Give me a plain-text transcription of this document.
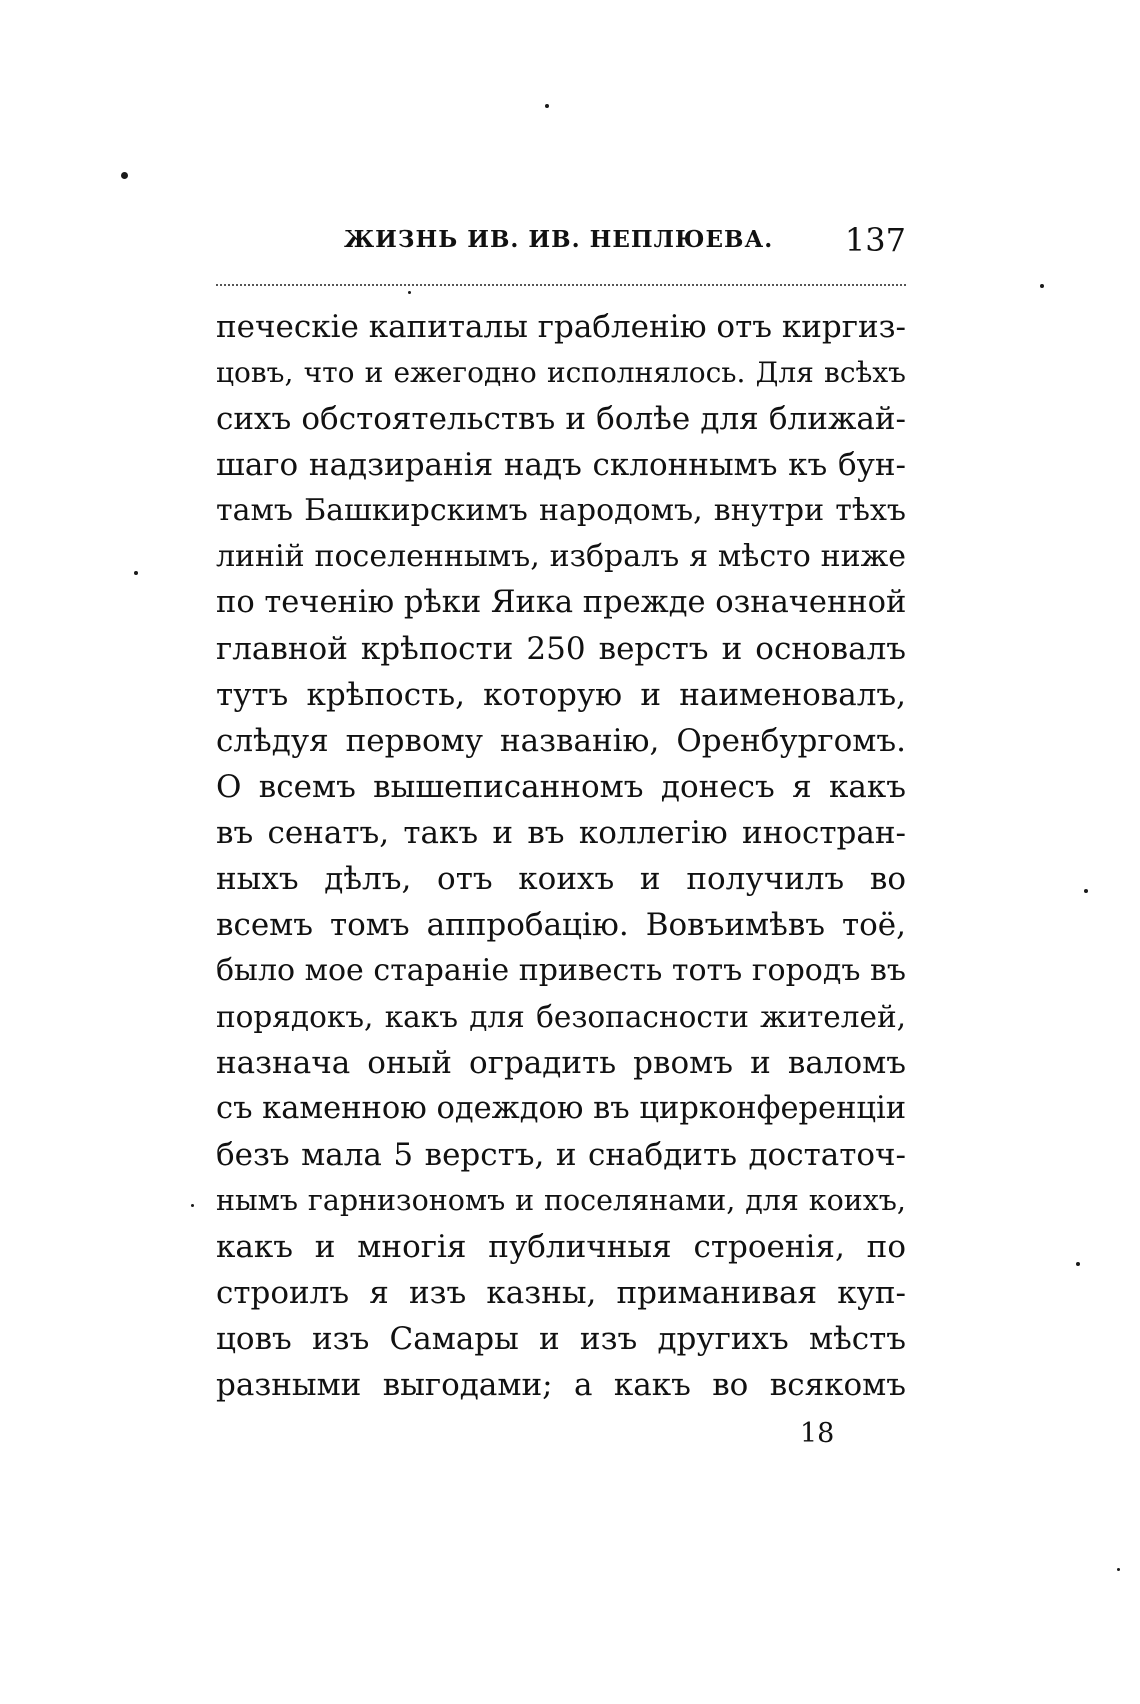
ЖИЗНЬ ИВ. ИВ. НЕПЛЮЕВА. 137
печескіе капиталы грабленію отъ киргиз-
цовъ, что и ежегодно исполнялось. Для всѣхъ
сихъ обстоятельствъ и болѣе для ближай-
шаго надзиранія надъ склоннымъ къ бун-
тамъ Башкирскимъ народомъ, внутри тѣхъ
линій поселеннымъ, избралъ я мѣсто ниже
по теченію рѣки Яика прежде означенной
главной крѣпости 250 верстъ и основалъ
тутъ крѣпость, которую и наименовалъ,
слѣдуя первому названію, Оренбургомъ.
О всемъ вышеписанномъ донесъ я какъ
въ сенатъ, такъ и въ коллегію иностран-
ныхъ дѣлъ, отъ коихъ и получилъ во
всемъ томъ аппробацію. Вовъимѣвъ тоё,
было мое стараніе привесть тотъ городъ въ
порядокъ, какъ для безопасности жителей,
назнача оный оградить рвомъ и валомъ
съ каменною одеждою въ цирконференціи
безъ мала 5 верстъ, и снабдить достаточ-
нымъ гарнизономъ и поселянами, для коихъ,
какъ и многія публичныя строенія, по
строилъ я изъ казны, приманивая куп-
цовъ изъ Самары и изъ другихъ мѣстъ
разными выгодами; а какъ во всякомъ
18
